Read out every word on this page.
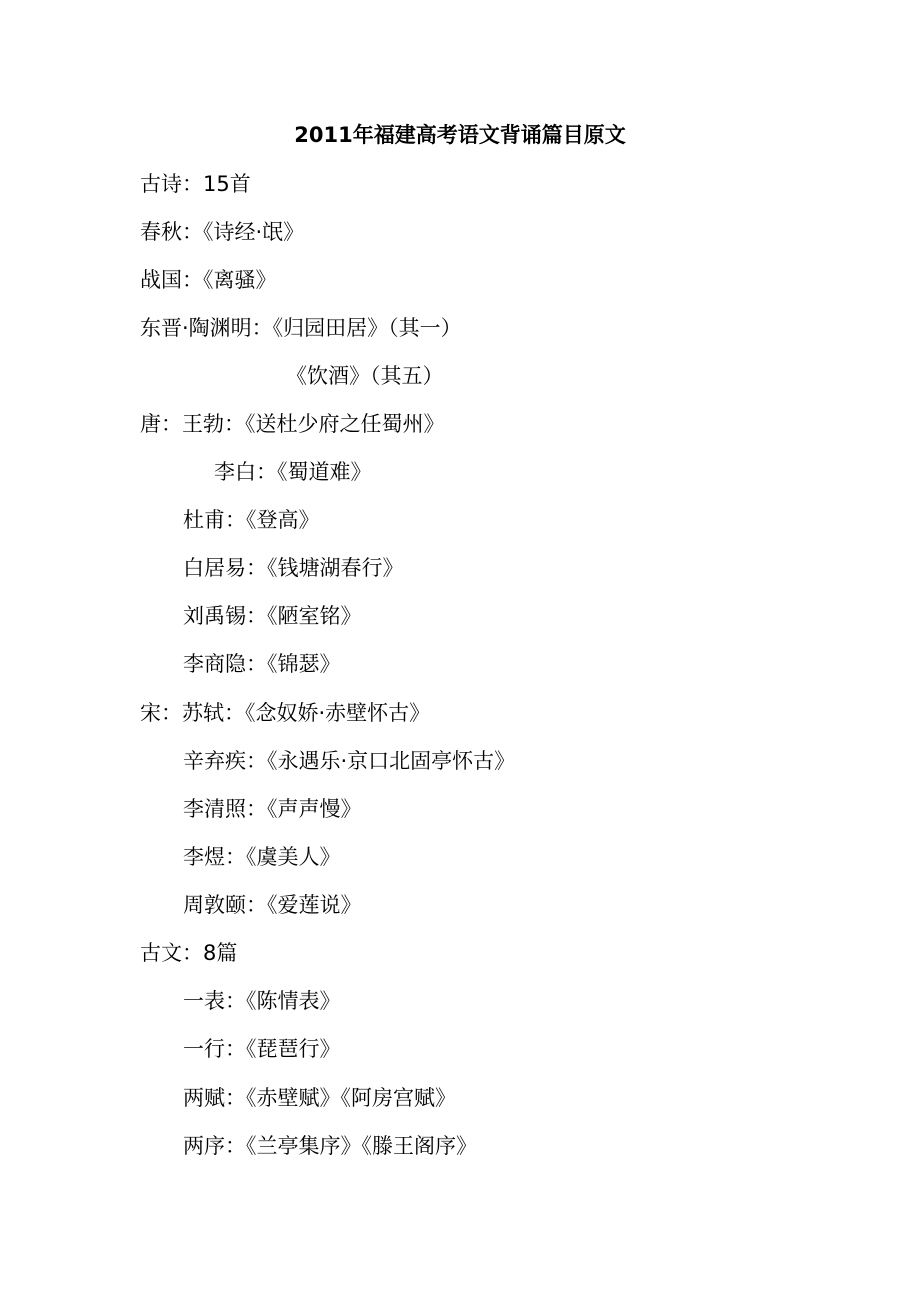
2011年福建高考语文背诵篇目原文
古诗：15首
春秋：《诗经·氓》
战国：《离骚》
东晋·陶渊明：《归园田居》（其一）
《饮酒》（其五）
唐：王勃：《送杜少府之任蜀州》
李白：《蜀道难》
杜甫：《登高》
白居易：《钱塘湖春行》
刘禹锡：《陋室铭》
李商隐：《锦瑟》
宋：苏轼：《念奴娇·赤壁怀古》
辛弃疾：《永遇乐·京口北固亭怀古》
李清照：《声声慢》
李煜：《虞美人》
周敦颐：《爱莲说》
古文：8篇
一表：《陈情表》
一行：《琵琶行》
两赋：《赤壁赋》《阿房宫赋》
两序：《兰亭集序》《滕王阁序》
